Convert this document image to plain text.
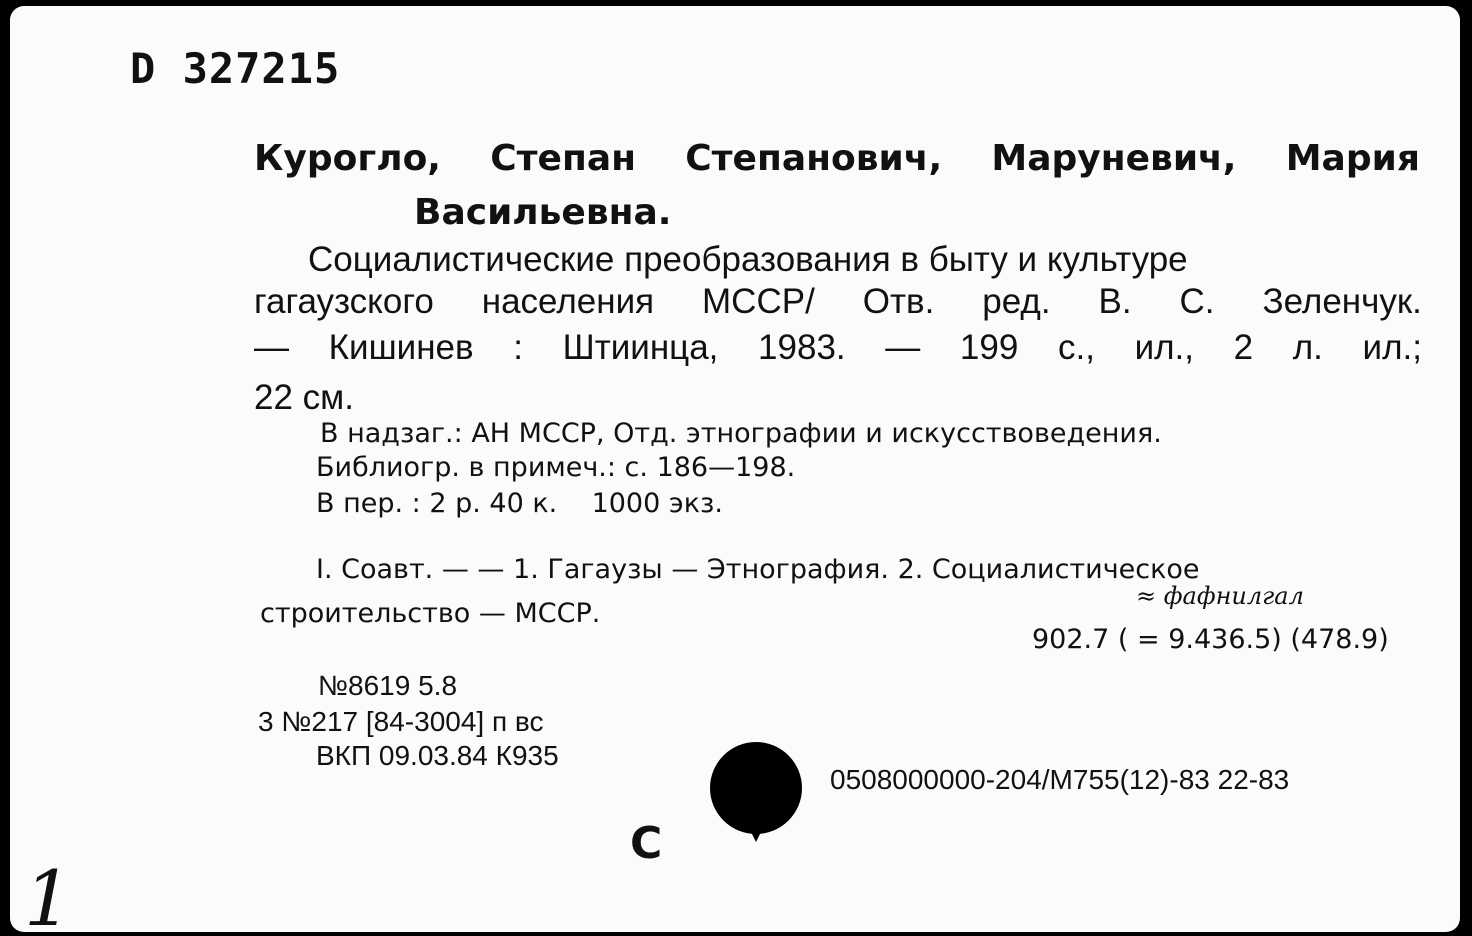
D 327215
Курогло, Степан Степанович, Маруневич, Мария
Васильевна.
Социалистические преобразования в быту и культуре
гагаузского населения МССР/ Отв. ред. В. С. Зеленчук.
— Кишинев : Штиинца, 1983. — 199 с., ил., 2 л. ил.;
22 см.
В надзаг.: АН МССР, Отд. этнографии и искусствоведения.
Библиогр. в примеч.: с. 186—198.
В пер. : 2 р. 40 к.    1000 экз.
I. Соавт. — — 1. Гагаузы — Этнография. 2. Социалистическое
строительство — МССР.
≈ фафнилгал
902.7 ( = 9.436.5) (478.9)
№8619 5.8
3 №217 [84-3004] п вс
ВКП 09.03.84 К935
0508000000-204/М755(12)-83 22-83
С
1
